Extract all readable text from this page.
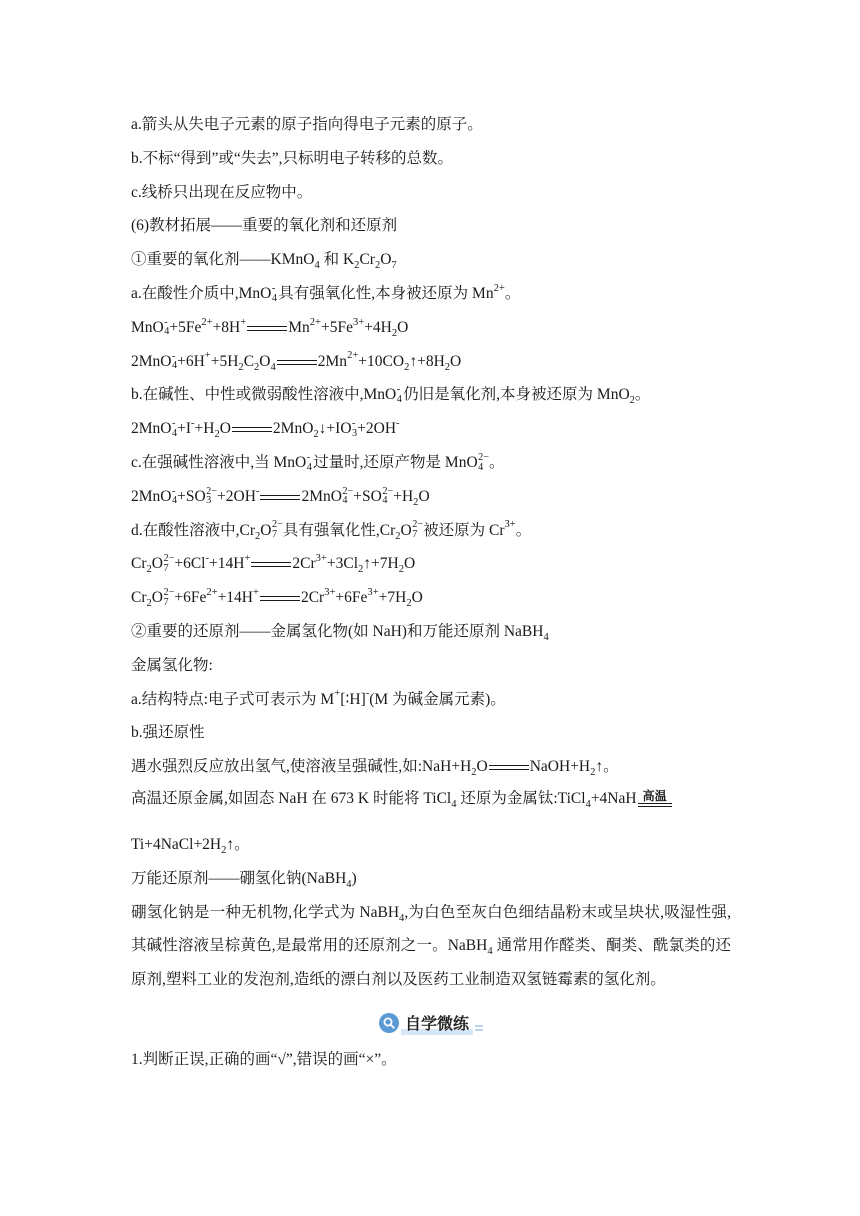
a.箭头从失电子元素的原子指向得电子元素的原子。
b.不标“得到”或“失去”,只标明电子转移的总数。
c.线桥只出现在反应物中。
(6)教材拓展——重要的氧化剂和还原剂
①重要的氧化剂——KMnO$_4$ 和 $K_2Cr_2O_7$
a.在酸性介质中,MnO -
4
  具有强氧化性,本身被还原为 $Mn^{2+}$。
MnO -
$4 +5Fe^{2+}+8H^+$	$Mn^{2+}+5Fe^{3+}+4H_2O$
2MnO -
$4 +6H^++5H_2C_2O_4$	$2Mn^{2+}+10CO_2↑+8H_2O$
b.在碱性、中性或微弱酸性溶液中,MnO -
4
  仍旧是氧化剂,本身被还原为 MnO$_2$。
2MnO -
$4 +I^-+H_2O$	2MnO$_2$↓+IO -
3 +2OH-
c.在强碱性溶液中,当 MnO -
4
  过量时,还原产物是 MnO 2−
4 。
2MnO -
4 +SO 2−
3 +2OH-	2MnO 2−
4 +SO 2−
$4 +H_2O$
d.在酸性溶液中$,Cr_2O$ 2−
7 具有强氧化性$,Cr_2O$ 2−
7 被还原为 $Cr^{3+}$。
$Cr_2O$ 2−
7 +6Cl-+14H+	$2Cr^{3+}+3Cl_2↑+7H_2O$
$Cr_2O$ 2−
$7 +6Fe^{2+}+14H^+$	$2Cr^{3+}+6Fe^{3+}+7H_2O$
②重要的还原剂——金属氢化物(如 NaH)和万能还原剂 NaBH$_4$
金属氢化物:
a.结构特点:电子式可表示为 M+[∶H]-(M 为碱金属元素)。
b.强还原性
遇水强烈反应放出氢气,使溶液呈强碱性,如$:NaH+H_2O$	$NaOH+H_2↑$。
高温还原金属,如固态 NaH 在 673 K 时能将 TiCl$_4$ 还原为金属钛:TiCl$_4$+4NaH 高温
$Ti+4NaCl+2H_2↑$。
万能还原剂——硼氢化钠(NaBH$_4$)
硼氢化钠是一种无机物,化学式为 NaBH$_4$,为白色至灰白色细结晶粉末或呈块状,吸湿性强,其碱性溶液呈棕黄色,是最常用的还原剂之一。NaBH$_4$ 通常用作醛类、酮类、酰氯类的还原剂,塑料工业的发泡剂,造纸的漂白剂以及医药工业制造双氢链霉素的氢化剂。
自学微练
1.判断正误,正确的画“√”,错误的画“×”。
